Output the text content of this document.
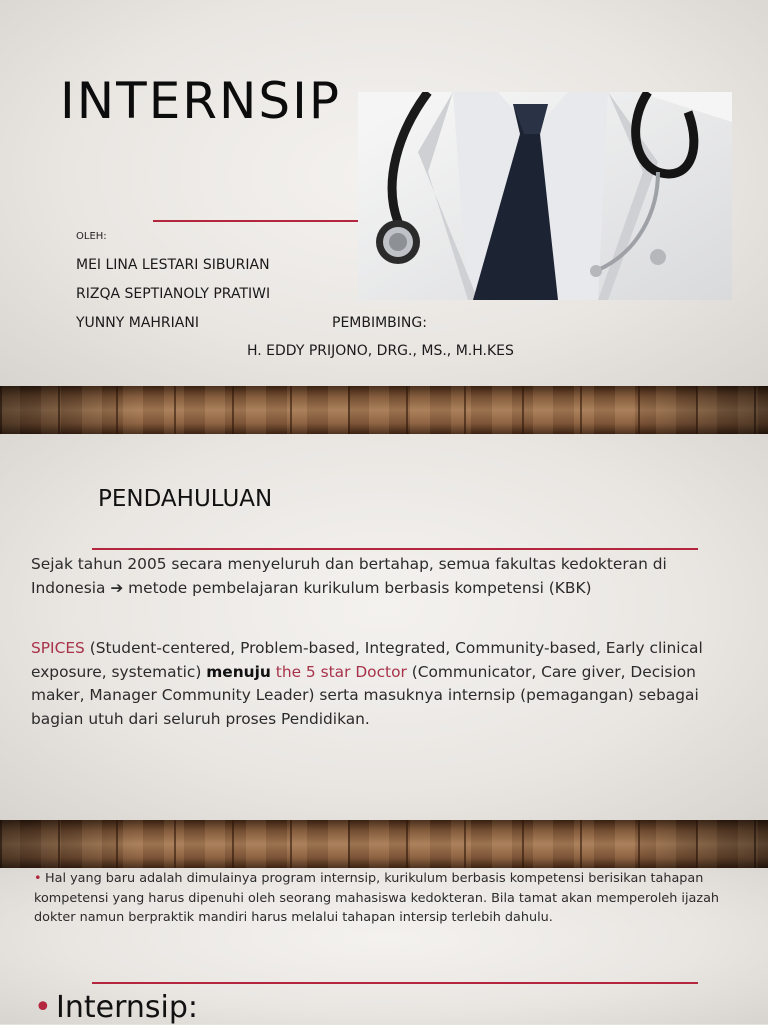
INTERNSIP

OLEH:

MEI LINA LESTARI SIBURIAN

RIZQA SEPTIANOLY PRATIWI

YUNNY MAHRIANI	PEMBIMBING:

H. EDDY PRIJONO, DRG., MS., M.H.KES

PENDAHULUAN

Sejak tahun 2005 secara menyeluruh dan bertahap, semua fakultas kedokteran di Indonesia ➔ metode pembelajaran kurikulum berbasis kompetensi (KBK)

SPICES (Student-centered, Problem-based, Integrated, Community-based, Early clinical exposure, systematic) menuju the 5 star Doctor (Communicator, Care giver, Decision maker, Manager Community Leader) serta masuknya internsip (pemagangan) sebagai bagian utuh dari seluruh proses Pendidikan.

• Hal yang baru adalah dimulainya program internsip, kurikulum berbasis kompetensi berisikan tahapan kompetensi yang harus dipenuhi oleh seorang mahasiswa kedokteran. Bila tamat akan memperoleh ijazah dokter namun berpraktik mandiri harus melalui tahapan intersip terlebih dahulu.

• Internsip:
